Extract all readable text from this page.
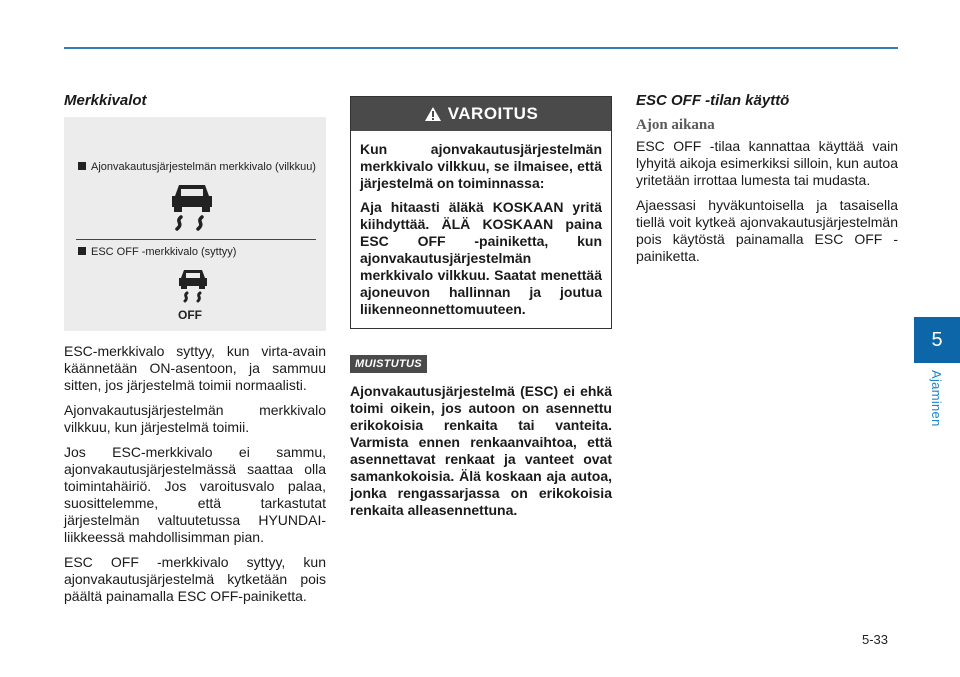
5
Ajaminen
Merkkivalot
Ajonvakautusjärjestelmän merkkivalo (vilkkuu)
ESC OFF -merkkivalo (syttyy)
OFF

ESC-merkkivalo syttyy, kun virta-avain käännetään ON-asentoon, ja sammuu sitten, jos järjestelmä toimii normaalisti.

Ajonvakautusjärjestelmän merkkivalo vilkkuu, kun järjestelmä toimii.

Jos ESC-merkkivalo ei sammu, ajonvakautusjärjestelmässä saattaa olla toimintahäiriö. Jos varoitusvalo palaa, suosittelemme, että tarkastutat järjestelmän valtuutetussa HYUNDAI-liikkeessä mahdollisimman pian.

ESC OFF -merkkivalo syttyy, kun ajonvakautusjärjestelmä kytketään pois päältä painamalla ESC OFF-painiketta.

VAROITUS

Kun ajonvakautusjärjestelmän merkkivalo vilkkuu, se ilmaisee, että järjestelmä on toiminnassa:

Aja hitaasti äläkä KOSKAAN yritä kiihdyttää. ÄLÄ KOSKAAN paina ESC OFF -painiketta, kun ajonvakautusjärjestelmän merkkivalo vilkkuu. Saatat menettää ajoneuvon hallinnan ja joutua liikenneonnettomuuteen.

MUISTUTUS

Ajonvakautusjärjestelmä (ESC) ei ehkä toimi oikein, jos autoon on asennettu erikokoisia renkaita tai vanteita. Varmista ennen renkaanvaihtoa, että asennettavat renkaat ja vanteet ovat samankokoisia. Älä koskaan aja autoa, jonka rengassarjassa on erikokoisia renkaita alleasennettuna.

ESC OFF -tilan käyttö
Ajon aikana

ESC OFF -tilaa kannattaa käyttää vain lyhyitä aikoja esimerkiksi silloin, kun autoa yritetään irrottaa lumesta tai mudasta.

Ajaessasi hyväkuntoisella ja tasaisella tiellä voit kytkeä ajonvakautusjärjestelmän pois käytöstä painamalla ESC OFF -painiketta.

5-33
